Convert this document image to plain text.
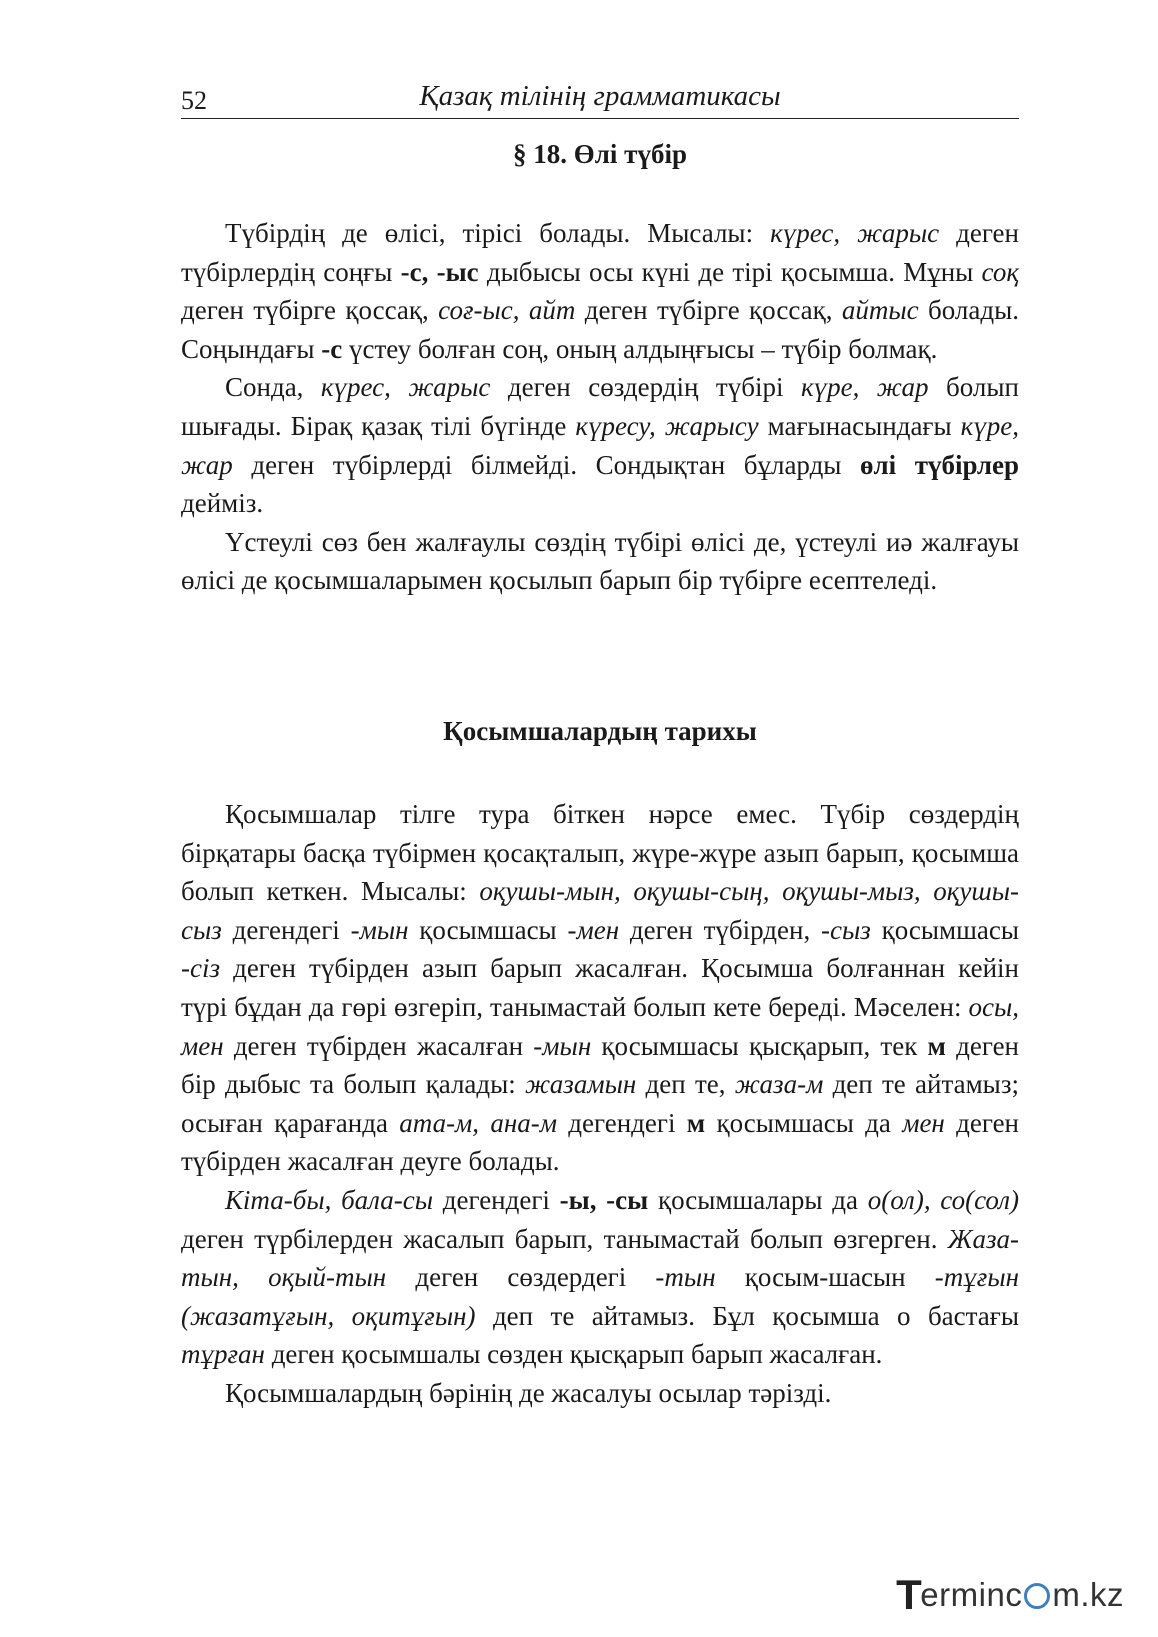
52	Қазақ тілінің грамматикасы
§ 18. Өлі түбір

Түбірдің де өлісі, тірісі болады. Мысалы: күрес, жарыс деген түбірлердің соңғы -с, -ыс дыбысы осы күні де тірі қосымша. Мұны соқ деген түбірге қоссақ, соғ-ыс, айт деген түбірге қоссақ, айтыс болады. Соңындағы -с үстеу болған соң, оның алдыңғысы – түбір болмақ.

Сонда, күрес, жарыс деген сөздердің түбірі күре, жар болып шығады. Бірақ қазақ тілі бүгінде күресу, жарысу мағынасындағы күре, жар деген түбірлерді білмейді. Сондықтан бұларды өлі түбірлер дейміз.

Үстеулі сөз бен жалғаулы сөздің түбірі өлісі де, үстеулі иә жалғауы өлісі де қосымшаларымен қосылып барып бір түбірге есептеледі.

Қосымшалардың тарихы

Қосымшалар тілге тура біткен нәрсе емес. Түбір сөздердің бірқатары басқа түбірмен қосақталып, жүре-жүре азып барып, қосымша болып кеткен. Мысалы: оқушы-мын, оқушы-сың, оқушы-мыз, оқушы-сыз дегендегі -мын қосымшасы -мен деген түбірден, -сыз қосымшасы -сіз деген түбірден азып барып жасалған. Қосымша болғаннан кейін түрі бұдан да гөрі өзгеріп, танымастай болып кете береді. Мәселен: осы, мен деген түбірден жасалған -мын қосымшасы қысқарып, тек м деген бір дыбыс та болып қалады: жазамын деп те, жаза-м деп те айтамыз; осыған қарағанда ата-м, ана-м дегендегі м қосымшасы да мен деген түбірден жасалған деуге болады.

Кіта-бы, бала-сы дегендегі -ы, -сы қосымшалары да о(ол), со(сол) деген түрбілерден жасалып барып, танымастай болып өзгерген. Жаза-тын, оқый-тын деген сөздердегі -тын қосым-шасын -тұғын (жазатұғын, оқитұғын) деп те айтамыз. Бұл қосымша о бастағы тұрған деген қосымшалы сөзден қысқарып барып жасалған.

Қосымшалардың бәрінің де жасалуы осылар тәрізді.

T
erminc m.kz
